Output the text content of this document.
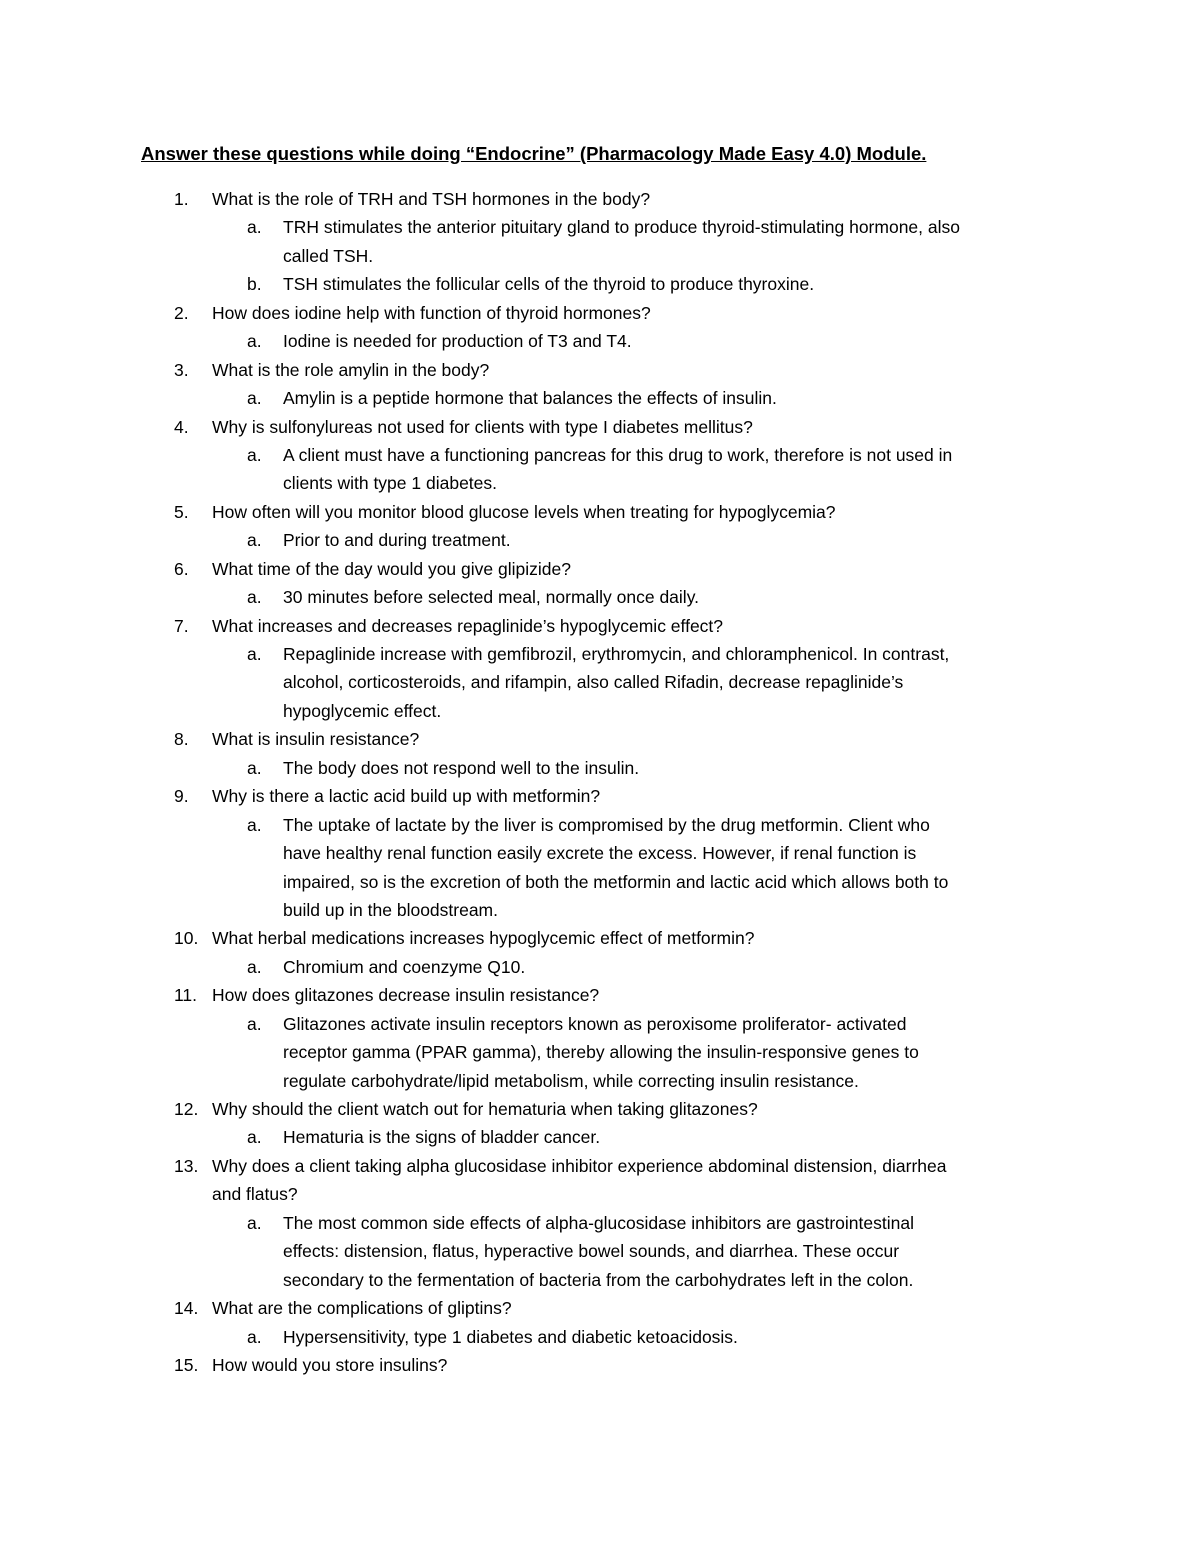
Answer these questions while doing “Endocrine” (Pharmacology Made Easy 4.0) Module.
1.	What is the role of TRH and TSH hormones in the body?
a. TRH stimulates the anterior pituitary gland to produce thyroid-stimulating hormone, also
called TSH.
b. TSH stimulates the follicular cells of the thyroid to produce thyroxine.
2.	How does iodine help with function of thyroid hormones?
a. Iodine is needed for production of T3 and T4.
3.	What is the role amylin in the body?
a. Amylin is a peptide hormone that balances the effects of insulin.
4.	Why is sulfonylureas not used for clients with type I diabetes mellitus?
a. A client must have a functioning pancreas for this drug to work, therefore is not used in
clients with type 1 diabetes.
5.	How often will you monitor blood glucose levels when treating for hypoglycemia?
a. Prior to and during treatment.
6.	What time of the day would you give glipizide?
a. 30 minutes before selected meal, normally once daily.
7.	What increases and decreases repaglinide’s hypoglycemic effect?
a. Repaglinide increase with gemfibrozil, erythromycin, and chloramphenicol. In contrast,
alcohol, corticosteroids, and rifampin, also called Rifadin, decrease repaglinide’s
hypoglycemic effect.
8.	What is insulin resistance?
a. The body does not respond well to the insulin.
9.	Why is there a lactic acid build up with metformin?
a. The uptake of lactate by the liver is compromised by the drug metformin. Client who
have healthy renal function easily excrete the excess. However, if renal function is
impaired, so is the excretion of both the metformin and lactic acid which allows both to
build up in the bloodstream.
10. What herbal medications increases hypoglycemic effect of metformin?
a. Chromium and coenzyme Q10.
11. How does glitazones decrease insulin resistance?
a. Glitazones activate insulin receptors known as peroxisome proliferator- activated
receptor gamma (PPAR gamma), thereby allowing the insulin-responsive genes to
regulate carbohydrate/lipid metabolism, while correcting insulin resistance.
12. Why should the client watch out for hematuria when taking glitazones?
a. Hematuria is the signs of bladder cancer.
13. Why does a client taking alpha glucosidase inhibitor experience abdominal distension, diarrhea
and flatus?
a. The most common side effects of alpha-glucosidase inhibitors are gastrointestinal
effects: distension, flatus, hyperactive bowel sounds, and diarrhea. These occur
secondary to the fermentation of bacteria from the carbohydrates left in the colon.
14. What are the complications of gliptins?
a. Hypersensitivity, type 1 diabetes and diabetic ketoacidosis.
15. How would you store insulins?
